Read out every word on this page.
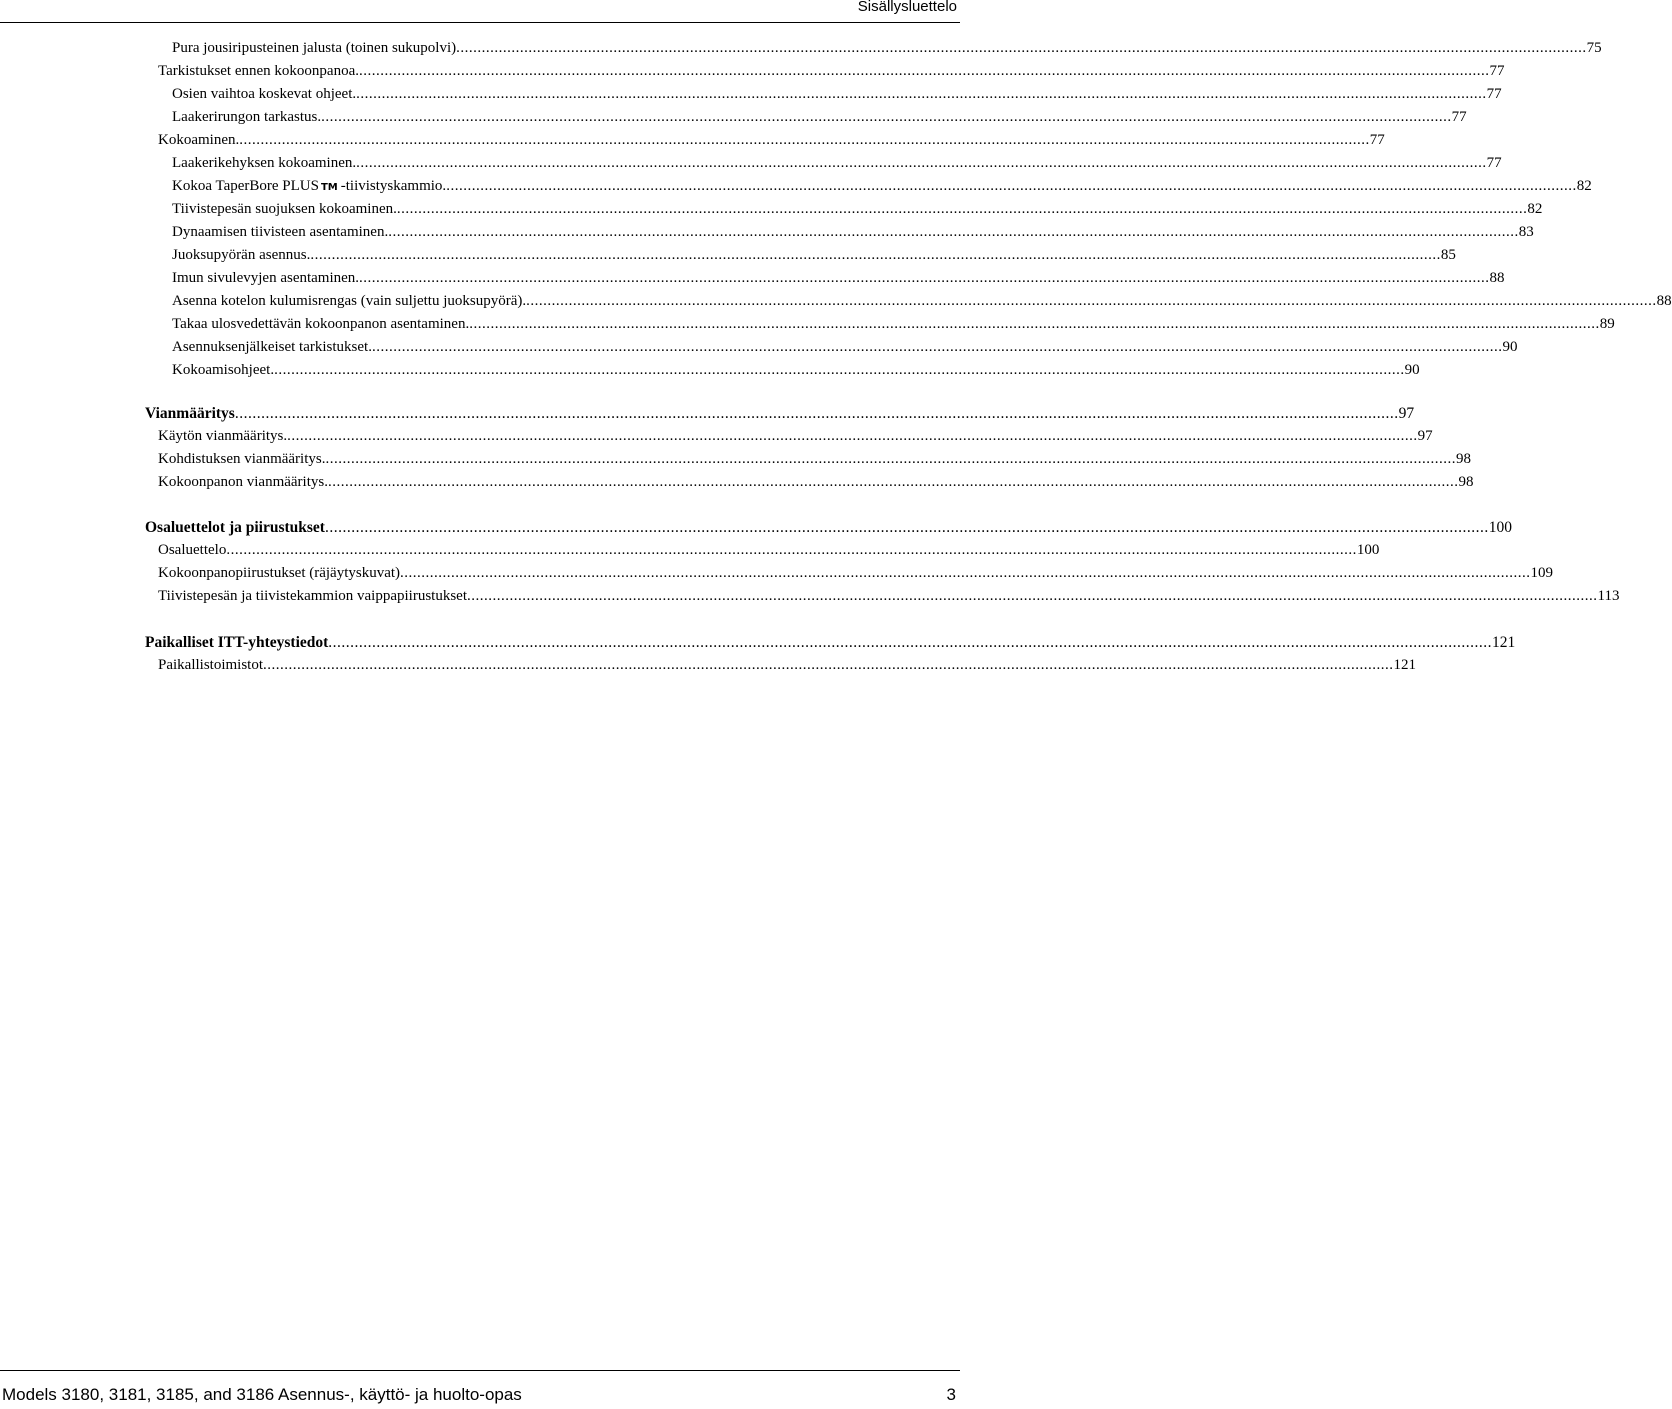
Sisällysluettelo
Pura jousiripusteinen jalusta (toinen sukupolvi) .......................................................................................................................................................................................................................................................................... 75
Tarkistukset ennen kokoonpanoa. .......................................................................................................................................................................................................................................................................... 77
Osien vaihtoa koskevat ohjeet. .......................................................................................................................................................................................................................................................................... 77
Laakerirungon tarkastus. .......................................................................................................................................................................................................................................................................... 77
Kokoaminen. .......................................................................................................................................................................................................................................................................... 77
Laakerikehyksen kokoaminen. .......................................................................................................................................................................................................................................................................... 77
Kokoa TaperBore PLUS TM -tiivistyskammio. .......................................................................................................................................................................................................................................................................... 82
Tiivistepesän suojuksen kokoaminen. .......................................................................................................................................................................................................................................................................... 82
Dynaamisen tiivisteen asentaminen. .......................................................................................................................................................................................................................................................................... 83
Juoksupyörän asennus. .......................................................................................................................................................................................................................................................................... 85
Imun sivulevyjen asentaminen. .......................................................................................................................................................................................................................................................................... 88
Asenna kotelon kulumisrengas (vain suljettu juoksupyörä). .......................................................................................................................................................................................................................................................................... 88
Takaa ulosvedettävän kokoonpanon asentaminen. .......................................................................................................................................................................................................................................................................... 89
Asennuksenjälkeiset tarkistukset. .......................................................................................................................................................................................................................................................................... 90
Kokoamisohjeet. .......................................................................................................................................................................................................................................................................... 90
Vianmääritys .......................................................................................................................................................................................................................................................................... 97
Käytön vianmääritys. .......................................................................................................................................................................................................................................................................... 97
Kohdistuksen vianmääritys. .......................................................................................................................................................................................................................................................................... 98
Kokoonpanon vianmääritys. .......................................................................................................................................................................................................................................................................... 98
Osaluettelot ja piirustukset .......................................................................................................................................................................................................................................................................... 100
Osaluettelo .......................................................................................................................................................................................................................................................................... 100
Kokoonpanopiirustukset (räjäytyskuvat) .......................................................................................................................................................................................................................................................................... 109
Tiivistepesän ja tiivistekammion vaippapiirustukset .......................................................................................................................................................................................................................................................................... 113
Paikalliset ITT-yhteystiedot .......................................................................................................................................................................................................................................................................... 121
Paikallistoimistot .......................................................................................................................................................................................................................................................................... 121
Models 3180, 3181, 3185, and 3186 Asennus-, käyttö- ja huolto-opas	3
